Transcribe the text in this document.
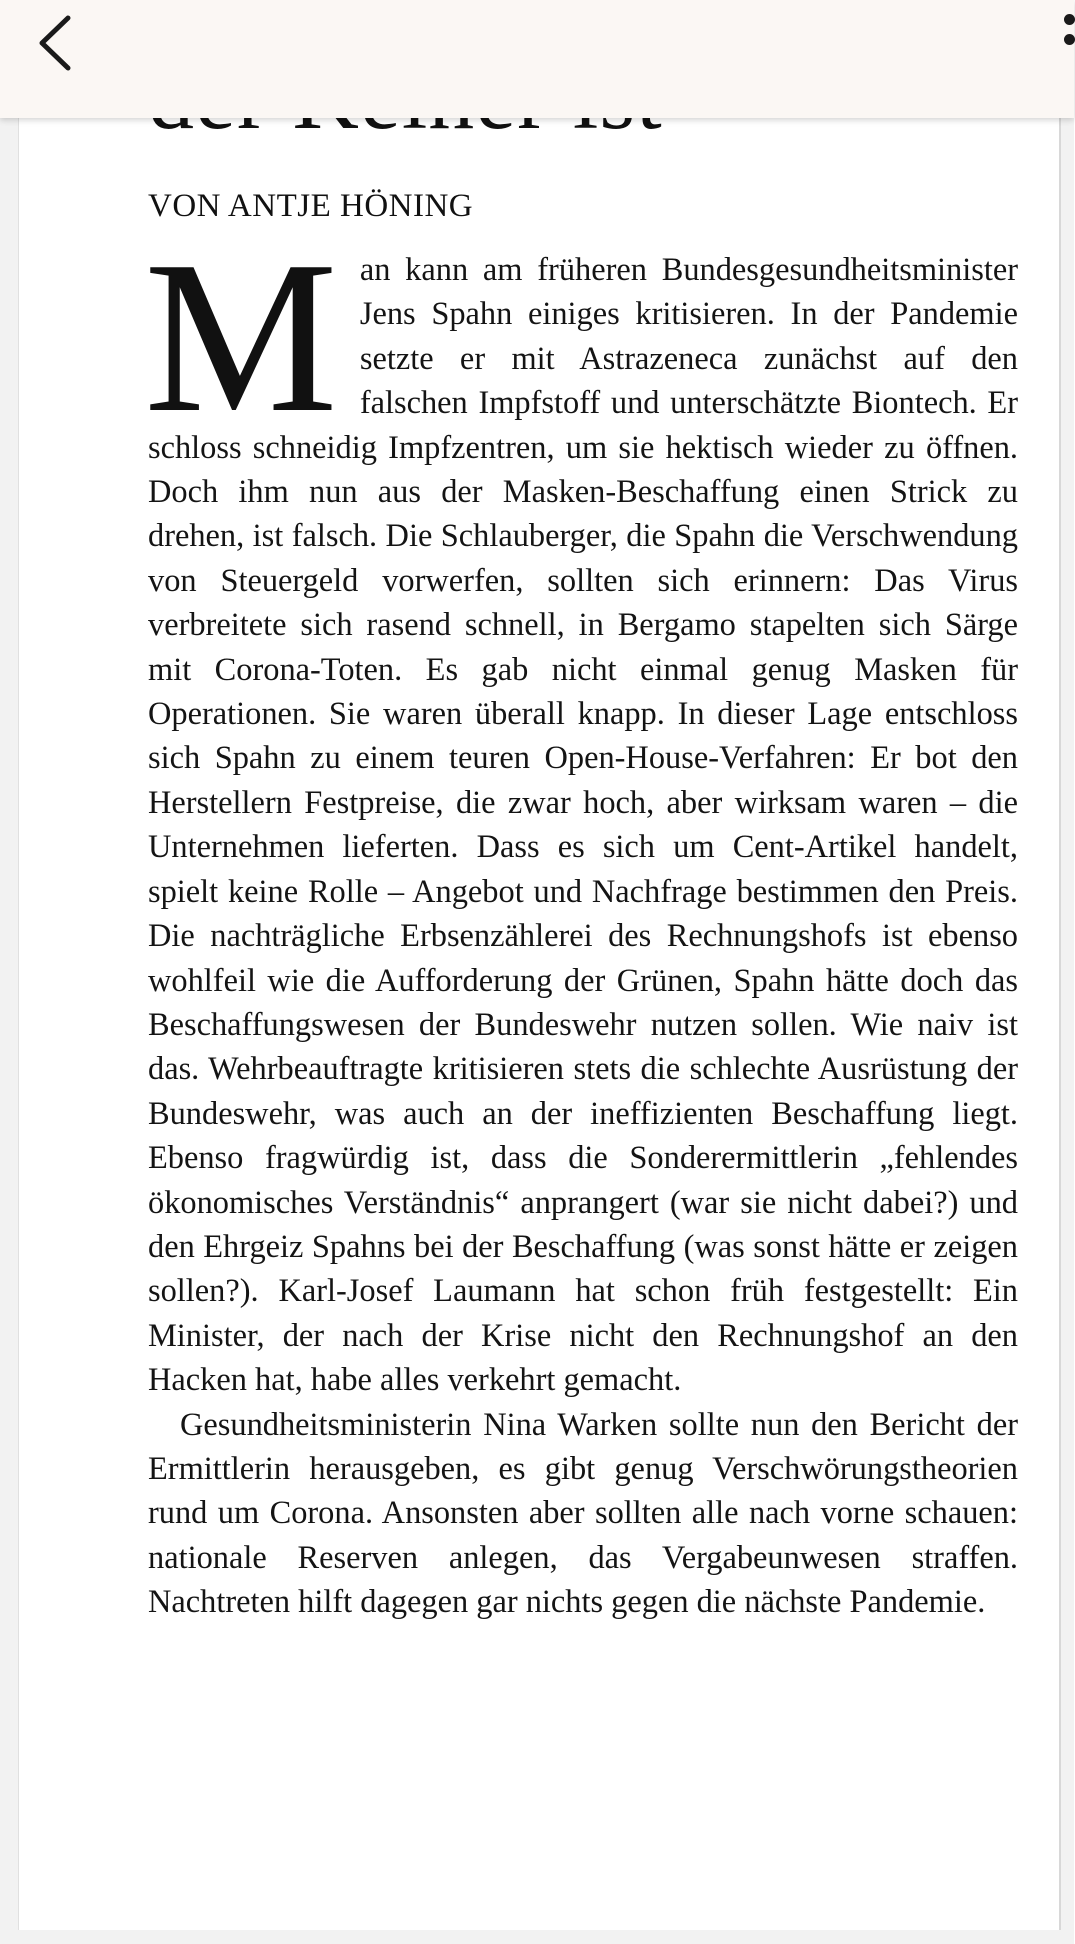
VON ANTJE HÖNING

Man kann am früheren Bundesgesundheitsminister Jens Spahn einiges kritisieren. In der Pandemie setzte er mit Astrazeneca zunächst auf den falschen Impfstoff und unterschätzte Biontech. Er schloss schneidig Impfzentren, um sie hektisch wieder zu öffnen. Doch ihm nun aus der Masken-Beschaffung einen Strick zu drehen, ist falsch. Die Schlauberger, die Spahn die Verschwendung von Steuergeld vorwerfen, sollten sich erinnern: Das Virus verbreitete sich rasend schnell, in Bergamo stapelten sich Särge mit Corona-Toten. Es gab nicht einmal genug Masken für Operationen. Sie waren überall knapp. In dieser Lage entschloss sich Spahn zu einem teuren Open-House-Verfahren: Er bot den Herstellern Festpreise, die zwar hoch, aber wirksam waren – die Unternehmen lieferten. Dass es sich um Cent-Artikel handelt, spielt keine Rolle – Angebot und Nachfrage bestimmen den Preis. Die nachträgliche Erbsenzählerei des Rechnungshofs ist ebenso wohlfeil wie die Aufforderung der Grünen, Spahn hätte doch das Beschaffungswesen der Bundeswehr nutzen sollen. Wie naiv ist das. Wehrbeauftragte kritisieren stets die schlechte Ausrüstung der Bundeswehr, was auch an der ineffizienten Beschaffung liegt. Ebenso fragwürdig ist, dass die Sonderermittlerin „fehlendes ökonomisches Verständnis“ anprangert (war sie nicht dabei?) und den Ehrgeiz Spahns bei der Beschaffung (was sonst hätte er zeigen sollen?). Karl-Josef Laumann hat schon früh festgestellt: Ein Minister, der nach der Krise nicht den Rechnungshof an den Hacken hat, habe alles verkehrt gemacht.

Gesundheitsministerin Nina Warken sollte nun den Bericht der Ermittlerin herausgeben, es gibt genug Verschwörungstheorien rund um Corona. Ansonsten aber sollten alle nach vorne schauen: nationale Reserven anlegen, das Vergabeunwesen straffen. Nachtreten hilft dagegen gar nichts gegen die nächste Pandemie.
